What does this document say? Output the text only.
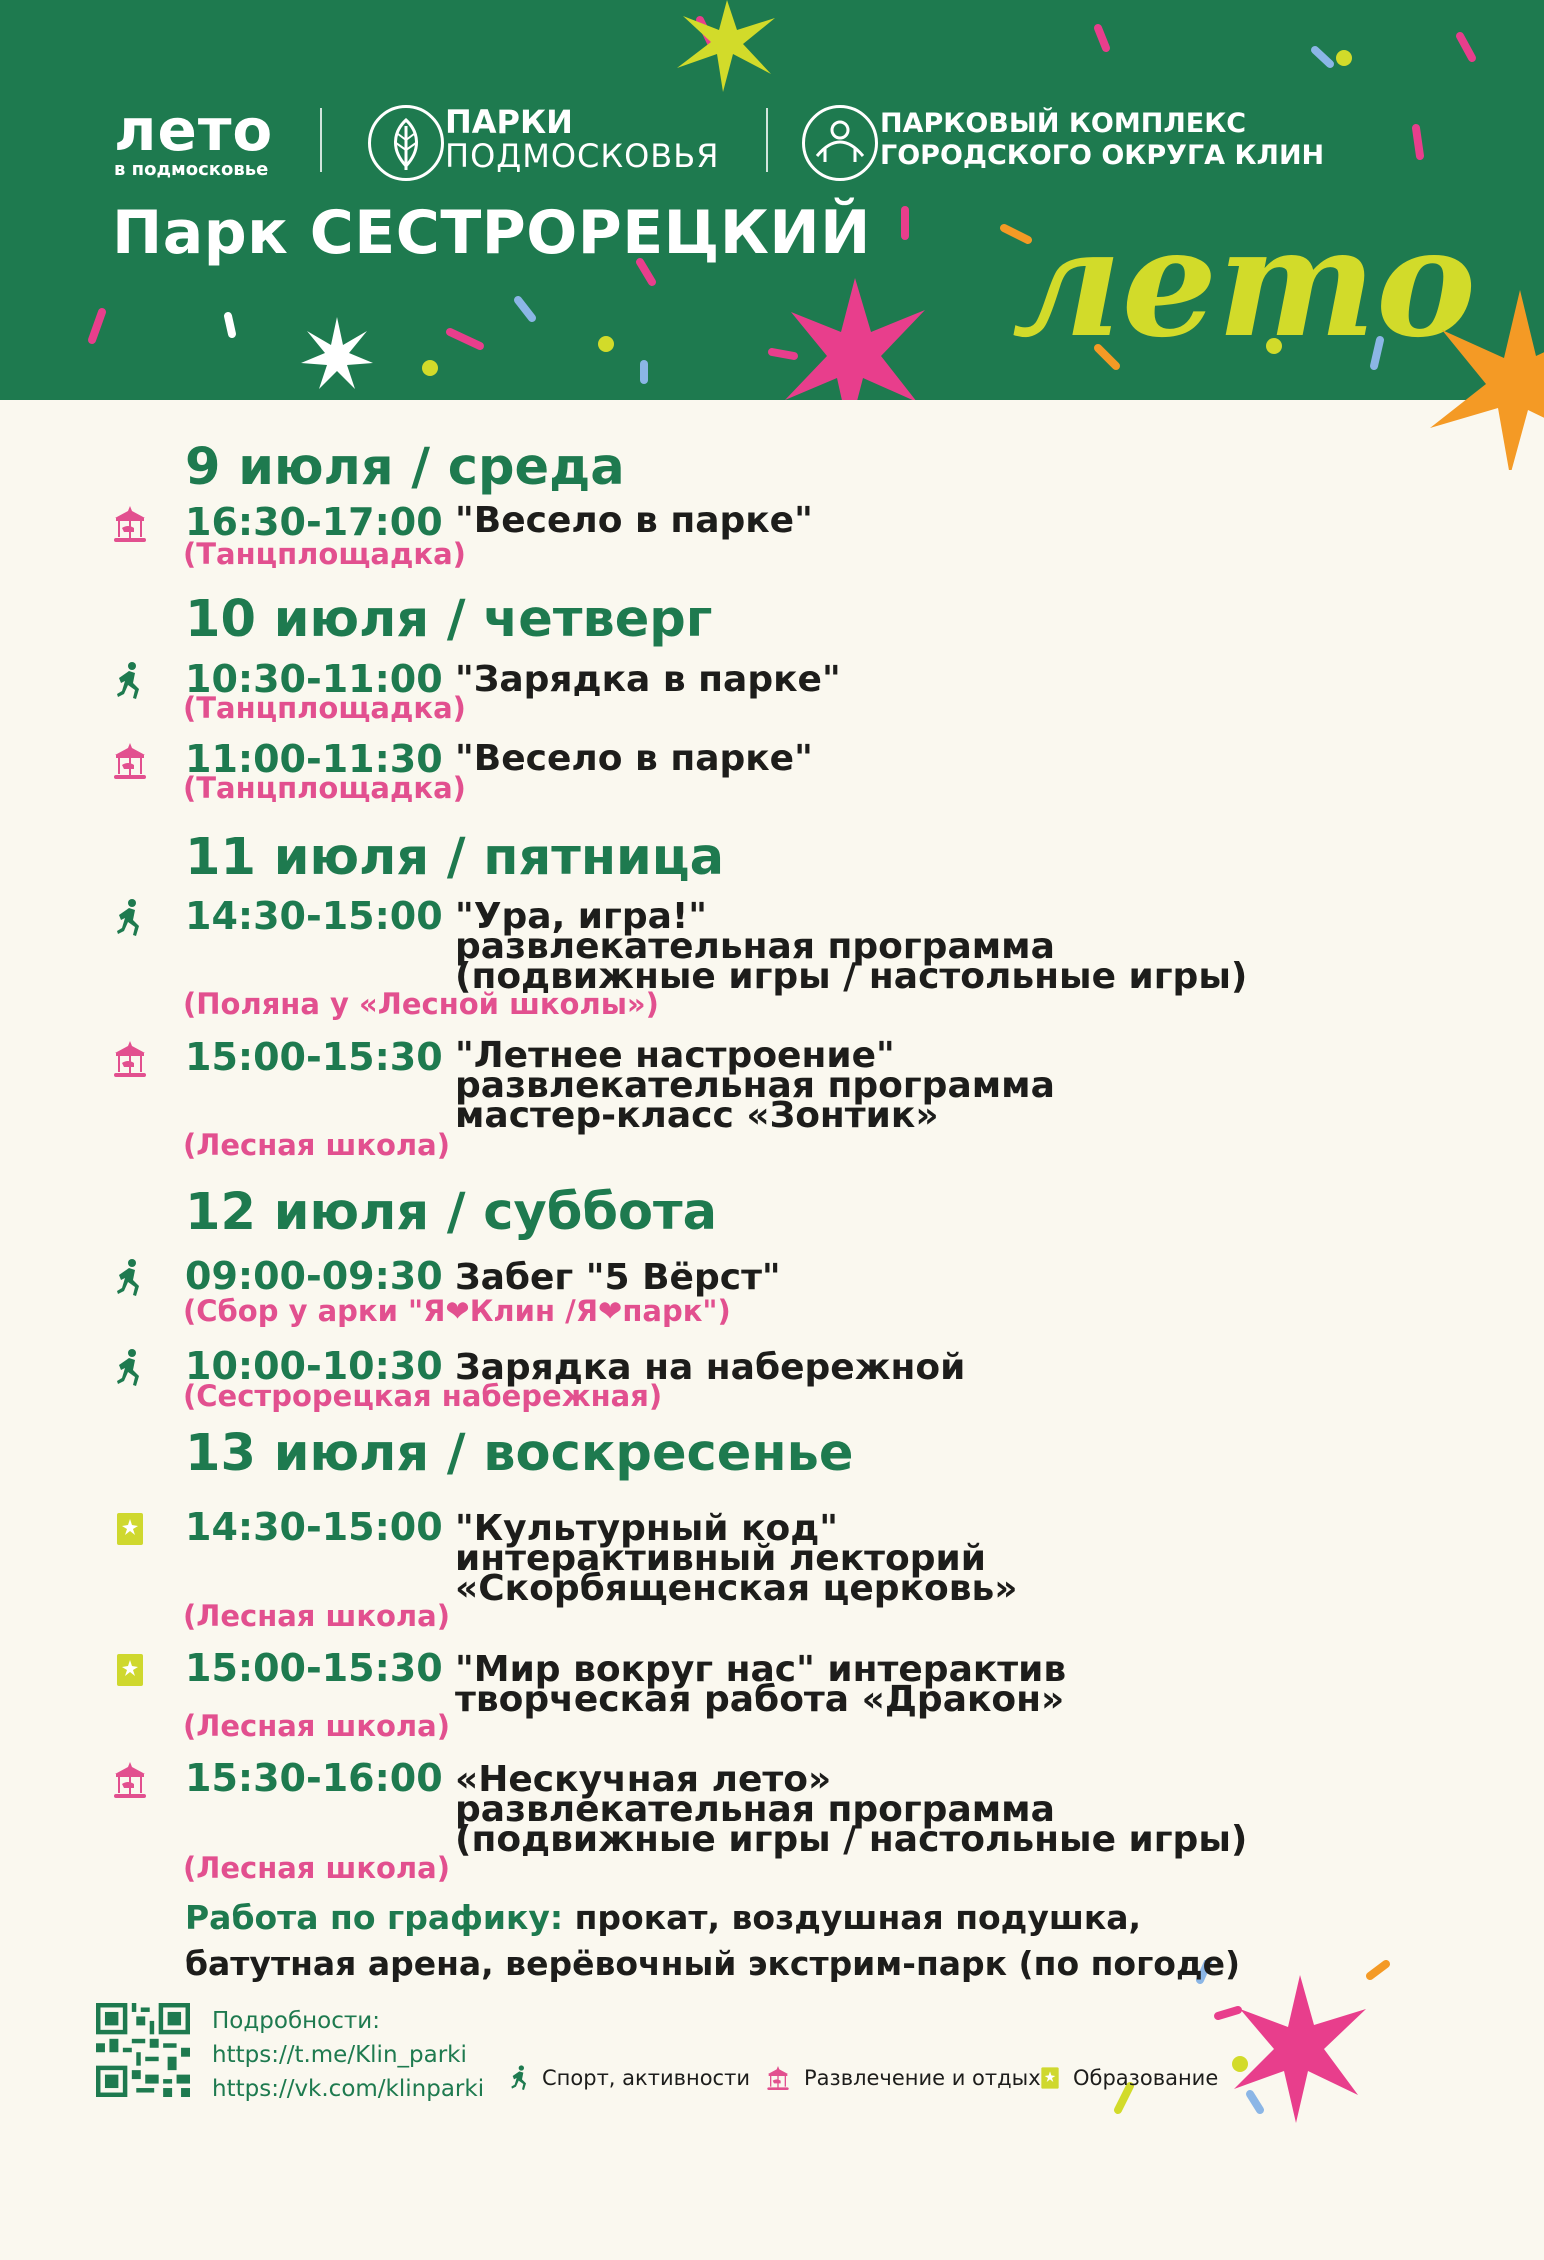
лето
лето
в подмосковье
ПАРКИ
ПОДМОСКОВЬЯ
ПАРКОВЫЙ КОМПЛЕКС
ГОРОДСКОГО ОКРУГА КЛИН
Парк СЕСТРОРЕЦКИЙ
9 июля / среда
16:30-17:00 "Весело в парке"
(Танцплощадка)
10 июля / четверг
10:30-11:00 "Зарядка в парке"
(Танцплощадка)
11:00-11:30 "Весело в парке"
(Танцплощадка)
11 июля / пятница
14:30-15:00 "Ура, игра!"
развлекательная программа
(подвижные игры / настольные игры)
(Поляна у «Лесной школы»)
15:00-15:30 "Летнее настроение"
развлекательная программа
мастер-класс «Зонтик»
(Лесная школа)
12 июля / суббота
09:00-09:30 Забег "5 Вёрст"
(Сбор у арки "Я❤Клин /Я❤парк")
10:00-10:30 Зарядка на набережной
(Сестрорецкая набережная)
13 июля / воскресенье
14:30-15:00 "Культурный код"
интерактивный лекторий
«Скорбященская церковь»
(Лесная школа)
15:00-15:30 "Мир вокруг нас" интерактив
творческая работа «Дракон»
(Лесная школа)
15:30-16:00 «Нескучная лето»
развлекательная программа
(подвижные игры / настольные игры)
(Лесная школа)
Работа по графику: прокат, воздушная подушка,
батутная арена, верёвочный экстрим-парк (по погоде)
Подробности:
https://t.me/Klin_parki
https://vk.com/klinparki	Спорт, активности	Развлечение и отдых Образование
